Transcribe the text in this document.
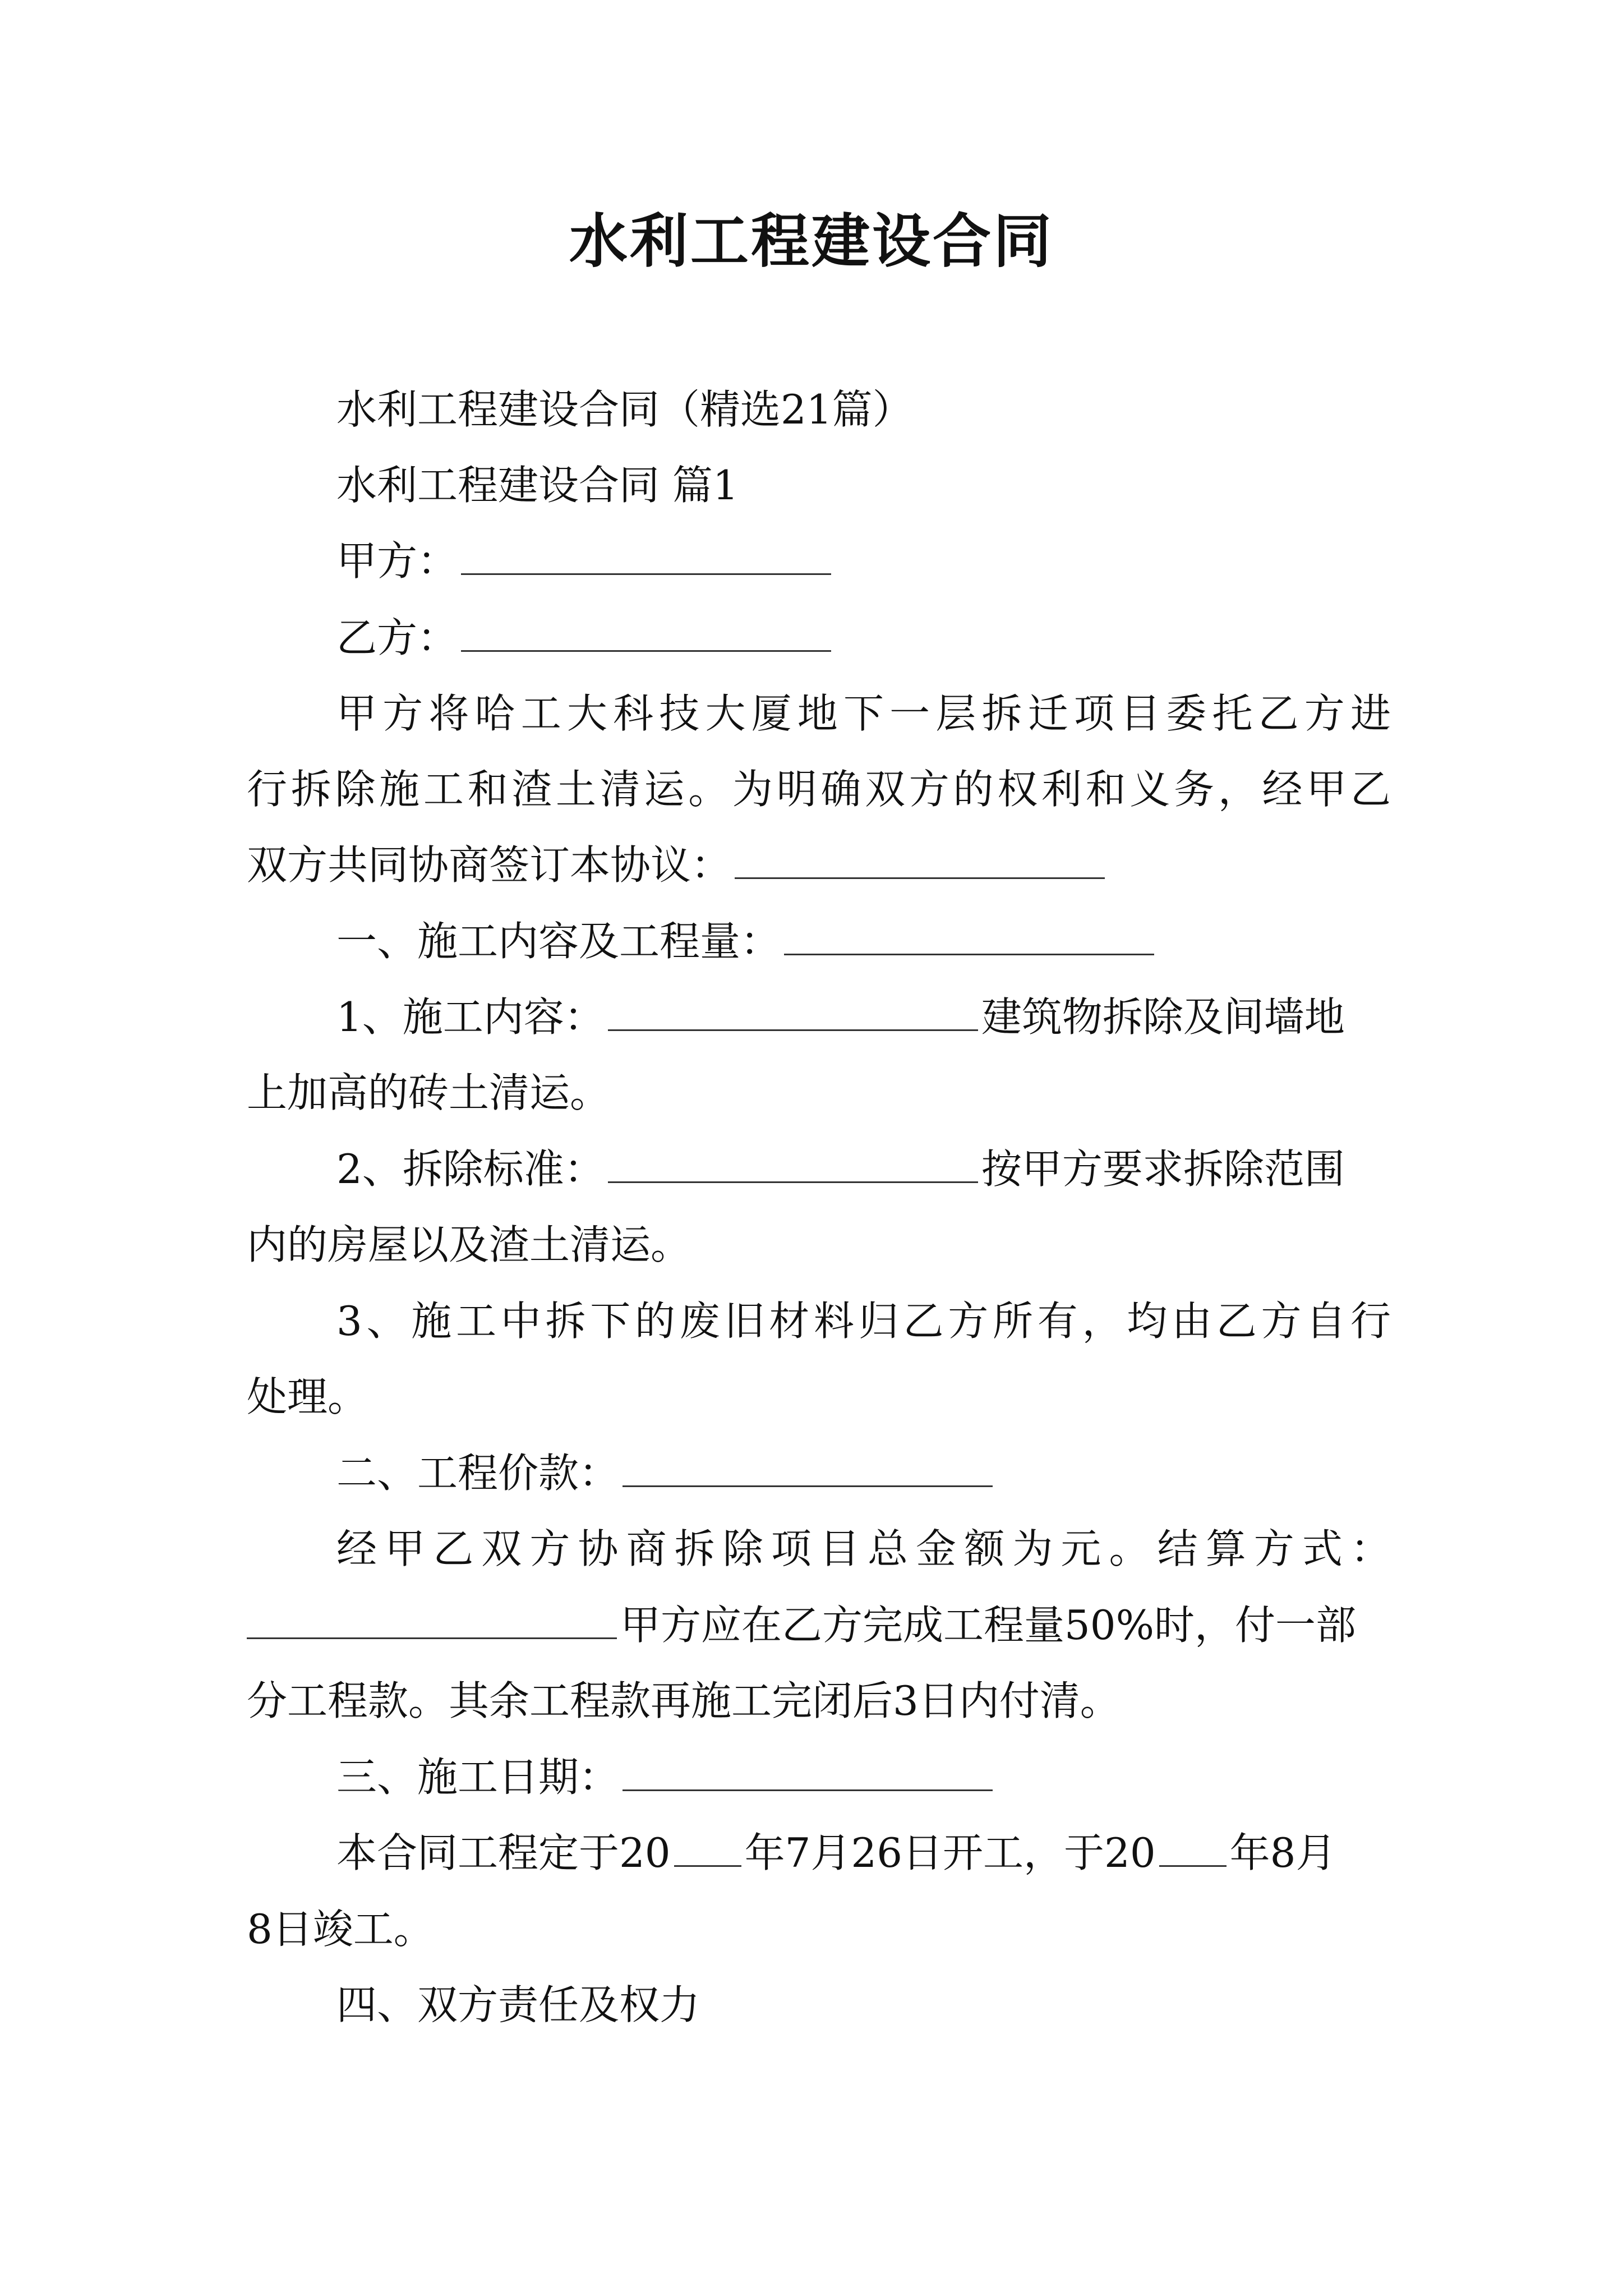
水利工程建设合同
水利工程建设合同（精选21篇）
水利工程建设合同 篇1
甲方：
乙方：
甲方将哈工大科技大厦地下一层拆迁项目委托乙方进
行拆除施工和渣土清运。为明确双方的权利和义务，经甲乙
双方共同协商签订本协议：
一、施工内容及工程量：
1、施工内容：	建筑物拆除及间墙地
上加高的砖土清运。
2、拆除标准：	按甲方要求拆除范围
内的房屋以及渣土清运。
3、施工中拆下的废旧材料归乙方所有，均由乙方自行
处理。
二、工程价款：
经甲乙双方协商拆除项目总金额为元。结算方式：
甲方应在乙方完成工程量50%时，付一部
分工程款。其余工程款再施工完闭后3日内付清。
三、施工日期：
本合同工程定于20 年7月26日开工，于20 年8月
8日竣工。
四、双方责任及权力
